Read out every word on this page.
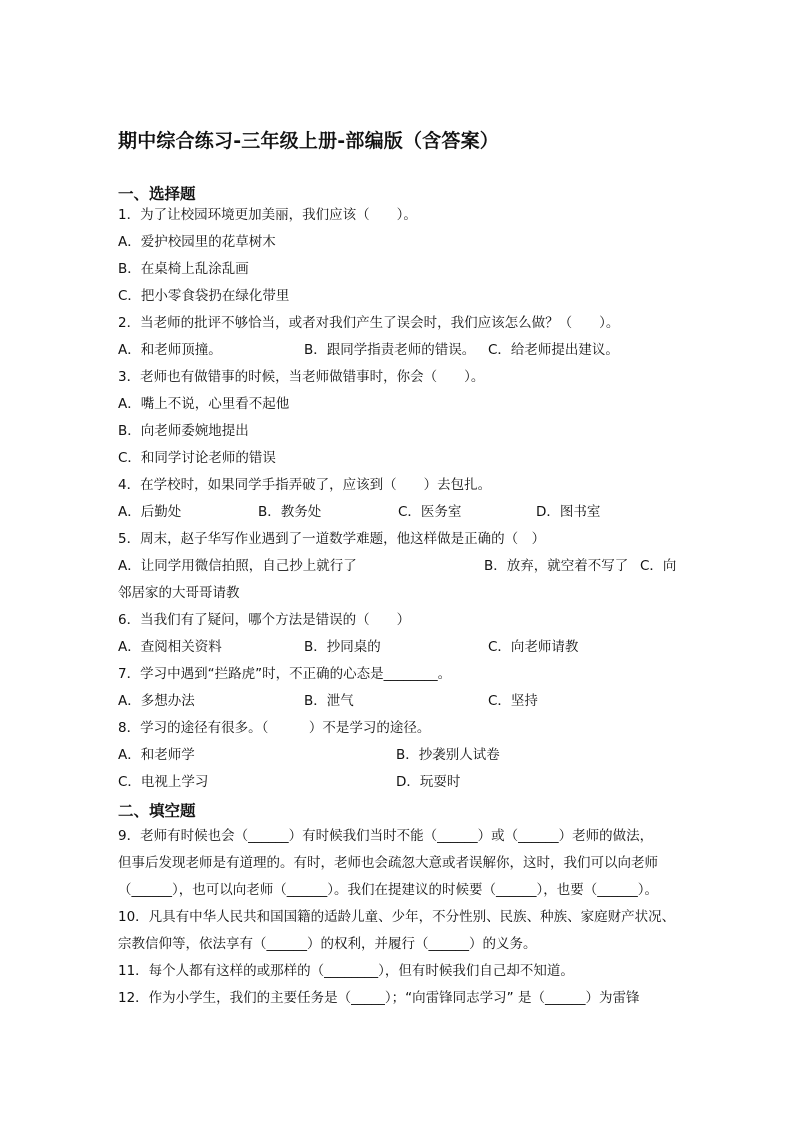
期中综合练习-三年级上册-部编版（含答案）
一、选择题
1．为了让校园环境更加美丽，我们应该（　　）。
A．爱护校园里的花草树木
B．在桌椅上乱涂乱画
C．把小零食袋扔在绿化带里
2．当老师的批评不够恰当，或者对我们产生了误会时，我们应该怎么做？（　　）。
A．和老师顶撞。	B．跟同学指责老师的错误。 C．给老师提出建议。
3．老师也有做错事的时候，当老师做错事时，你会（　　）。
A．嘴上不说，心里看不起他
B．向老师委婉地提出
C．和同学讨论老师的错误
4．在学校时，如果同学手指弄破了，应该到（　　）去包扎。
A．后勤处	B．教务处	C．医务室	D．图书室
5．周末，赵子华写作业遇到了一道数学难题，他这样做是正确的（　）
A．让同学用微信拍照，自己抄上就行了	B．放弃，就空着不写了 C．向
邻居家的大哥哥请教
6．当我们有了疑问，哪个方法是错误的（　　）
A．查阅相关资料	B．抄同桌的	C．向老师请教
7．学习中遇到“拦路虎”时，不正确的心态是________。
A．多想办法	B．泄气	C．坚持
8．学习的途径有很多。（　　　）不是学习的途径。
A．和老师学	B．抄袭别人试卷
C．电视上学习	D．玩耍时
二、填空题
9．老师有时候也会（______）有时候我们当时不能（______）或（______）老师的做法，
但事后发现老师是有道理的。有时，老师也会疏忽大意或者误解你，这时，我们可以向老师
（______），也可以向老师（______）。我们在提建议的时候要（______），也要（______）。
10．凡具有中华人民共和国国籍的适龄儿童、少年，不分性别、民族、种族、家庭财产状况、
宗教信仰等，依法享有（______）的权利，并履行（______）的义务。
11．每个人都有这样的或那样的（________），但有时候我们自己却不知道。
12．作为小学生，我们的主要任务是（_____）；“向雷锋同志学习” 是（______）为雷锋
